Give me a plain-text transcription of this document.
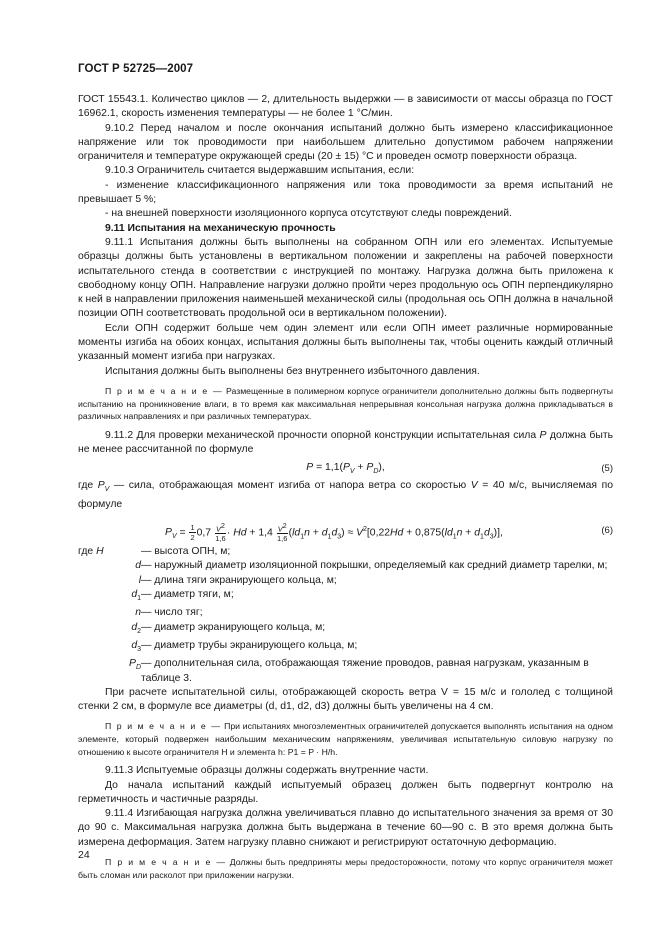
ГОСТ Р 52725—2007

ГОСТ 15543.1. Количество циклов — 2, длительность выдержки — в зависимости от массы образца по ГОСТ 16962.1, скорость изменения температуры — не более 1 °С/мин.

9.10.2 Перед началом и после окончания испытаний должно быть измерено классификационное напряжение или ток проводимости при наибольшем длительно допустимом рабочем напряжении ограничителя и температуре окружающей среды (20 ± 15) °С и проведен осмотр поверхности образца.

9.10.3 Ограничитель считается выдержавшим испытания, если:

- изменение классификационного напряжения или тока проводимости за время испытаний не превышает 5 %;

- на внешней поверхности изоляционного корпуса отсутствуют следы повреждений.

9.11 Испытания на механическую прочность

9.11.1 Испытания должны быть выполнены на собранном ОПН или его элементах. Испытуемые образцы должны быть установлены в вертикальном положении и закреплены на рабочей поверхности испытательного стенда в соответствии с инструкцией по монтажу. Нагрузка должна быть приложена к свободному концу ОПН. Направление нагрузки должно пройти через продольную ось ОПН перпендикулярно к ней в направлении приложения наименьшей механической силы (продольная ось ОПН должна в начальной позиции ОПН соответствовать продольной оси в вертикальном положении).

Если ОПН содержит больше чем один элемент или если ОПН имеет различные нормированные моменты изгиба на обоих концах, испытания должны быть выполнены так, чтобы оценить каждый отличный указанный момент изгиба при нагрузках.

Испытания должны быть выполнены без внутреннего избыточного давления.

П р и м е ч а н и е — Размещенные в полимерном корпусе ограничители дополнительно должны быть подвергнуты испытанию на проникновение влаги, в то время как максимальная непрерывная консольная нагрузка должна прикладываться в различных направлениях и при различных температурах.

9.11.2 Для проверки механической прочности опорной конструкции испытательная сила P должна быть не менее рассчитанной по формуле

$P = 1,1(P_V + P_D)$,	(5)

где $P_V$ — сила, отображающая момент изгиба от напора ветра со скоростью V = 40 м/с, вычисляемая по формуле

$P_V = \frac{1}{2} 0,7 \frac{V^2}{1,6} \cdot Hd + 1,4 \frac{V^2}{1,6} (ld_1n + d_1d_3) \approx V^2[0,22Hd + 0,875(ld_1n + d_1d_3)]$,	(6)
где H	— высота ОПН, м;
d — наружный диаметр изоляционной покрышки, определяемый как средний диаметр тарелки, м;
l — длина тяги экранирующего кольца, м;
$d_1$ — диаметр тяги, м;
n — число тяг;
$d_2$ — диаметр экранирующего кольца, м;
$d_3$ — диаметр трубы экранирующего кольца, м;
$P_D$ — дополнительная сила, отображающая тяжение проводов, равная нагрузкам, указанным в таблице 3.

При расчете испытательной силы, отображающей скорость ветра V = 15 м/с и гололед с толщиной стенки 2 см, в формуле все диаметры (d, d1, d2, d3) должны быть увеличены на 4 см.

П р и м е ч а н и е — При испытаниях многоэлементных ограничителей допускается выполнять испытания на одном элементе, который подвержен наибольшим механическим напряжениям, увеличивая испытательную силовую нагрузку по отношению к высоте ограничителя H и элемента h: P1 = P · H/h.

9.11.3 Испытуемые образцы должны содержать внутренние части.

До начала испытаний каждый испытуемый образец должен быть подвергнут контролю на герметичность и частичные разряды.

9.11.4 Изгибающая нагрузка должна увеличиваться плавно до испытательного значения за время от 30 до 90 с. Максимальная нагрузка должна быть выдержана в течение 60—90 с. В это время должна быть измерена деформация. Затем нагрузку плавно снижают и регистрируют остаточную деформацию.

П р и м е ч а н и е — Должны быть предприняты меры предосторожности, потому что корпус ограничителя может быть сломан или расколот при приложении нагрузки.

24
